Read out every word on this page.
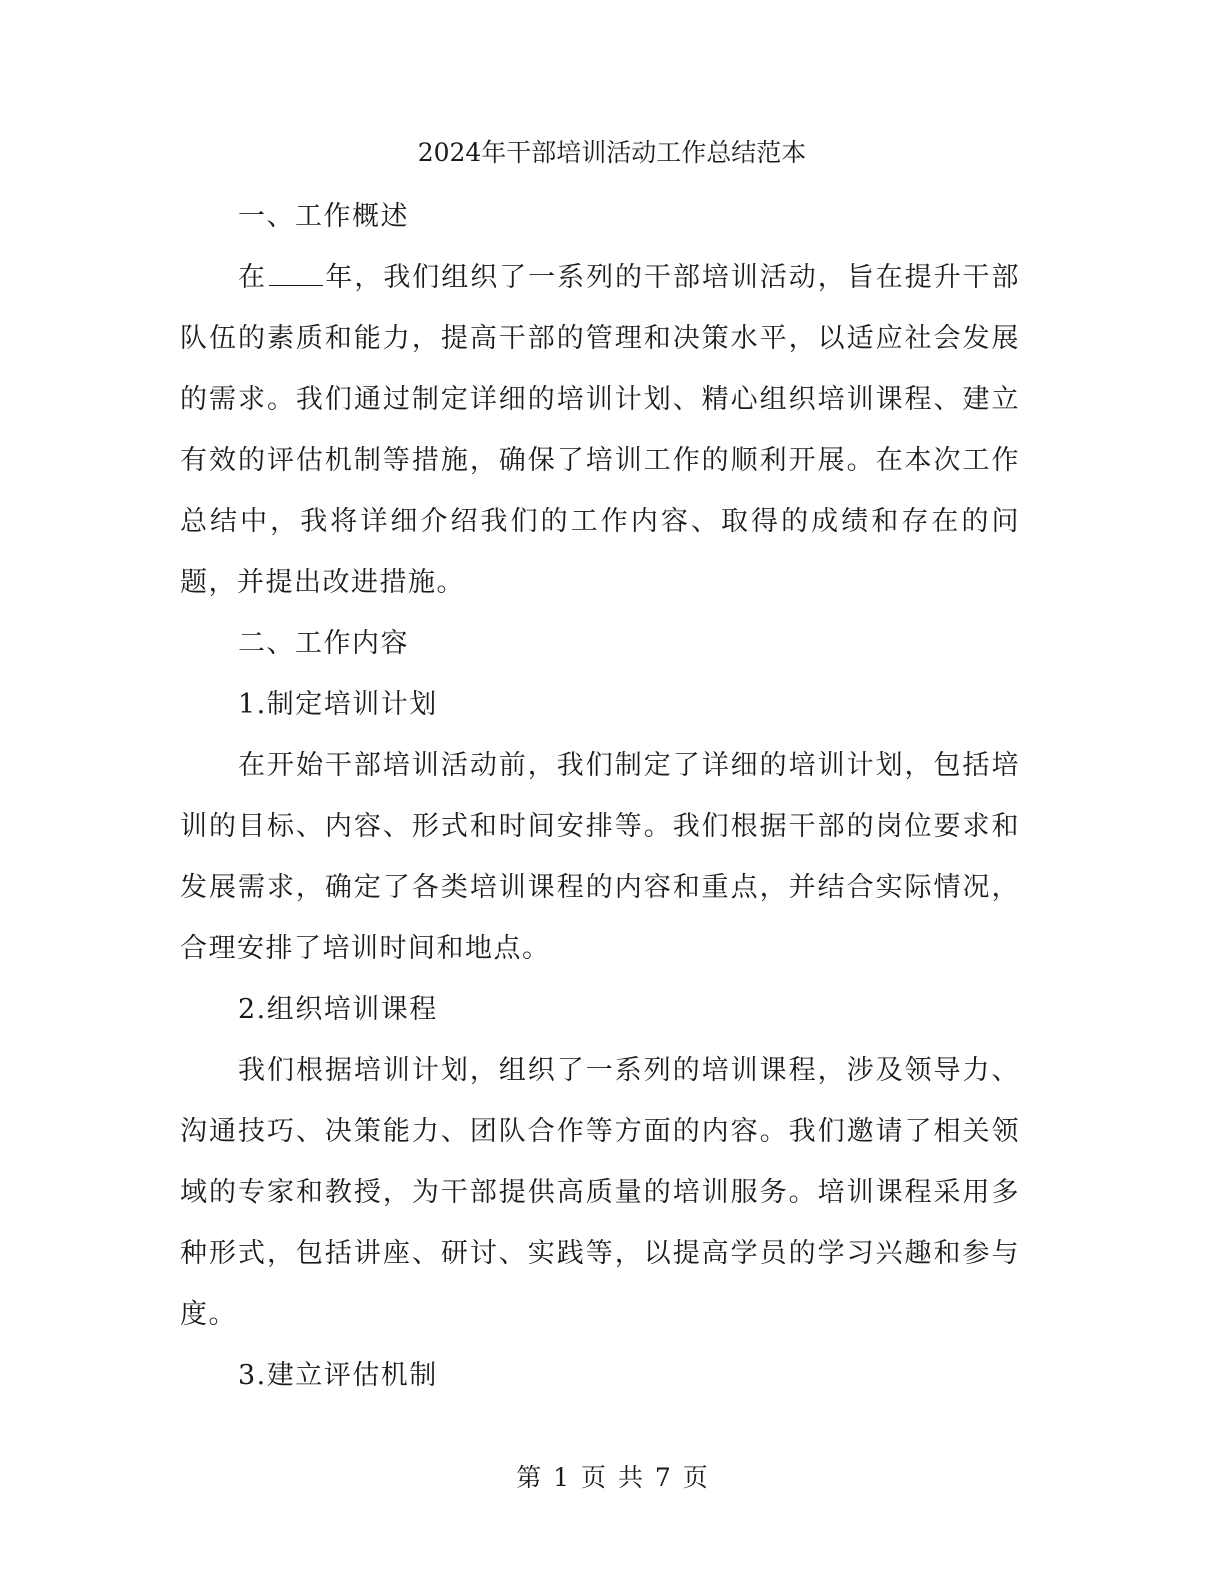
2024年干部培训活动工作总结范本

一、工作概述

在 年，我们组织了一系列的干部培训活动，旨在提升干部队伍的素质和能力，提高干部的管理和决策水平，以适应社会发展的需求。我们通过制定详细的培训计划、精心组织培训课程、建立有效的评估机制等措施，确保了培训工作的顺利开展。在本次工作总结中，我将详细介绍我们的工作内容、取得的成绩和存在的问题，并提出改进措施。

二、工作内容

1.制定培训计划

在开始干部培训活动前，我们制定了详细的培训计划，包括培训的目标、内容、形式和时间安排等。我们根据干部的岗位要求和发展需求，确定了各类培训课程的内容和重点，并结合实际情况，合理安排了培训时间和地点。

2.组织培训课程

我们根据培训计划，组织了一系列的培训课程，涉及领导力、沟通技巧、决策能力、团队合作等方面的内容。我们邀请了相关领域的专家和教授，为干部提供高质量的培训服务。培训课程采用多种形式，包括讲座、研讨、实践等，以提高学员的学习兴趣和参与度。

3.建立评估机制

第 1 页 共 7 页
